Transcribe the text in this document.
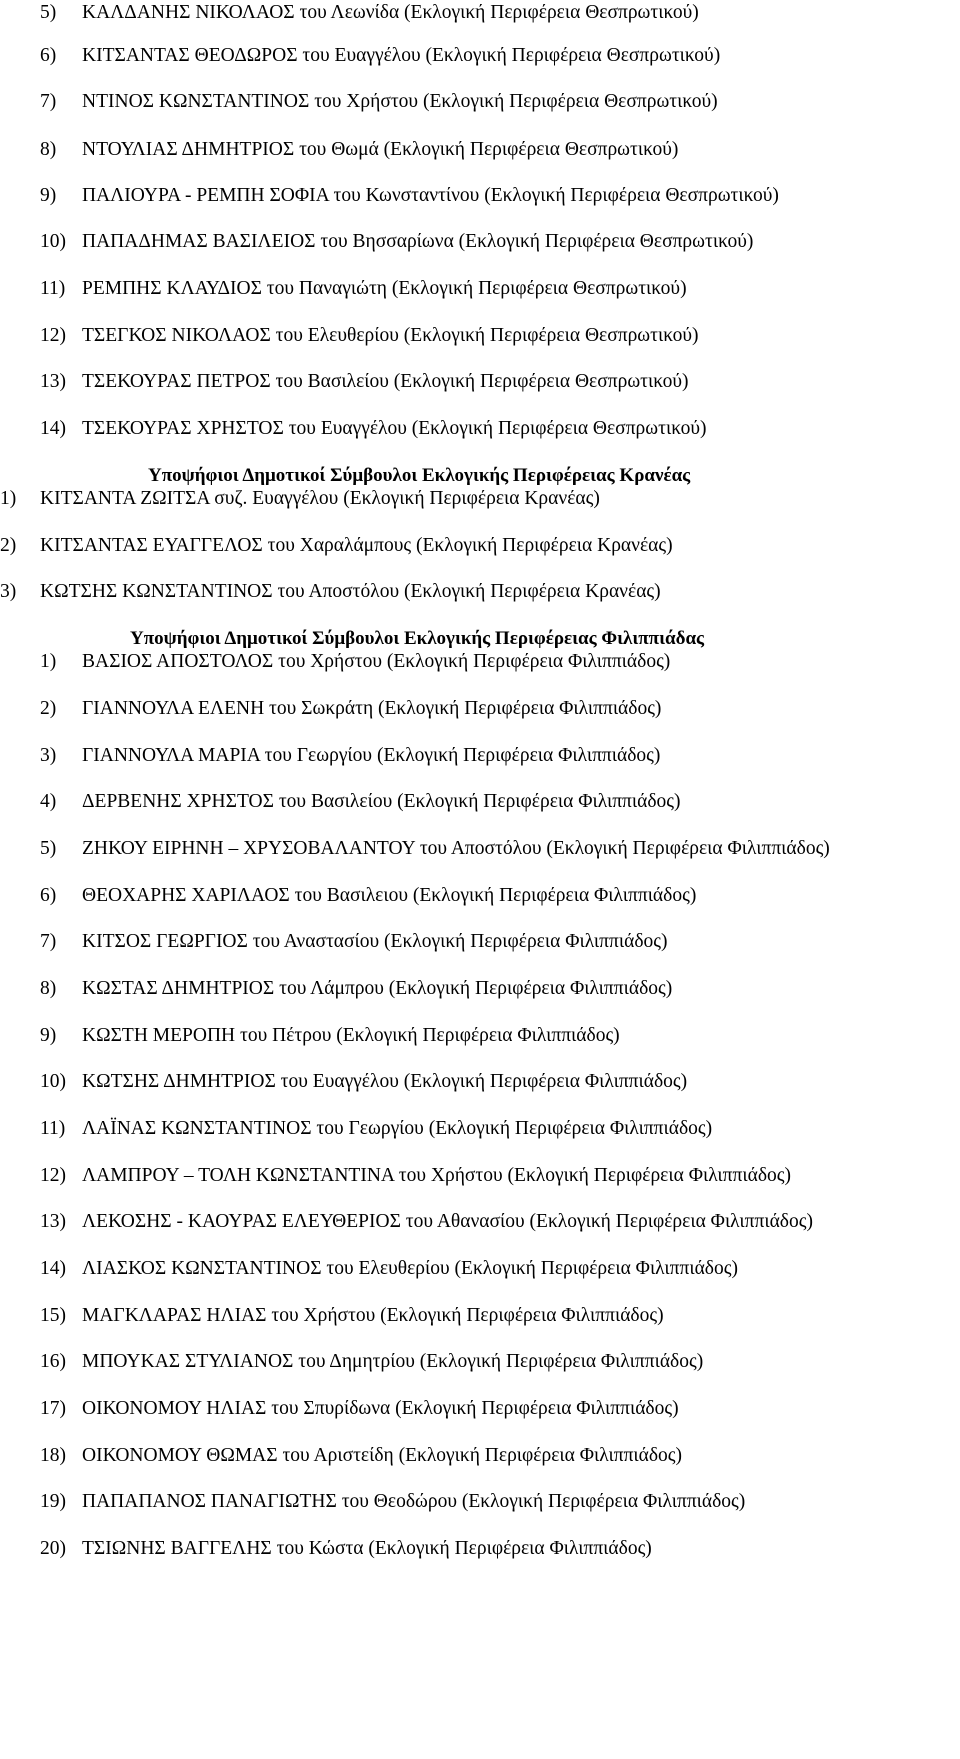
5) ΚΑΛΔΑΝΗΣ ΝΙΚΟΛΑΟΣ του Λεωνίδα (Εκλογική Περιφέρεια Θεσπρωτικού)
6) ΚΙΤΣΑΝΤΑΣ ΘΕΟΔΩΡΟΣ του Ευαγγέλου (Εκλογική Περιφέρεια Θεσπρωτικού)
7) ΝΤΙΝΟΣ ΚΩΝΣΤΑΝΤΙΝΟΣ του Χρήστου (Εκλογική Περιφέρεια Θεσπρωτικού)
8) ΝΤΟΥΛΙΑΣ ΔΗΜΗΤΡΙΟΣ του Θωμά (Εκλογική Περιφέρεια Θεσπρωτικού)
9) ΠΑΛΙΟΥΡΑ - ΡΕΜΠΗ ΣΟΦΙΑ του Κωνσταντίνου (Εκλογική Περιφέρεια Θεσπρωτικού)
10) ΠΑΠΑΔΗΜΑΣ ΒΑΣΙΛΕΙΟΣ του Βησσαρίωνα (Εκλογική Περιφέρεια Θεσπρωτικού)
11) ΡΕΜΠΗΣ ΚΛΑΥΔΙΟΣ του Παναγιώτη (Εκλογική Περιφέρεια Θεσπρωτικού)
12) ΤΣΕΓΚΟΣ ΝΙΚΟΛΑΟΣ του Ελευθερίου (Εκλογική Περιφέρεια Θεσπρωτικού)
13) ΤΣΕΚΟΥΡΑΣ ΠΕΤΡΟΣ του Βασιλείου (Εκλογική Περιφέρεια Θεσπρωτικού)
14) ΤΣΕΚΟΥΡΑΣ ΧΡΗΣΤΟΣ του Ευαγγέλου (Εκλογική Περιφέρεια Θεσπρωτικού)
Υποψήφιοι Δημοτικοί Σύμβουλοι Εκλογικής Περιφέρειας Κρανέας
1) ΚΙΤΣΑΝΤΑ ΖΩΙΤΣΑ συζ. Ευαγγέλου (Εκλογική Περιφέρεια Κρανέας)
2) ΚΙΤΣΑΝΤΑΣ ΕΥΑΓΓΕΛΟΣ του Χαραλάμπους (Εκλογική Περιφέρεια Κρανέας)
3) ΚΩΤΣΗΣ ΚΩΝΣΤΑΝΤΙΝΟΣ του Αποστόλου (Εκλογική Περιφέρεια Κρανέας)
Υποψήφιοι Δημοτικοί Σύμβουλοι Εκλογικής Περιφέρειας Φιλιππιάδας
1) ΒΑΣΙΟΣ ΑΠΟΣΤΟΛΟΣ του Χρήστου (Εκλογική Περιφέρεια Φιλιππιάδος)
2) ΓΙΑΝΝΟΥΛΑ ΕΛΕΝΗ του Σωκράτη (Εκλογική Περιφέρεια Φιλιππιάδος)
3) ΓΙΑΝΝΟΥΛΑ ΜΑΡΙΑ του Γεωργίου (Εκλογική Περιφέρεια Φιλιππιάδος)
4) ΔΕΡΒΕΝΗΣ ΧΡΗΣΤΟΣ του Βασιλείου (Εκλογική Περιφέρεια Φιλιππιάδος)
5) ΖΗΚΟΥ ΕΙΡΗΝΗ – ΧΡΥΣΟΒΑΛΑΝΤΟΥ του Αποστόλου (Εκλογική Περιφέρεια Φιλιππιάδος)
6) ΘΕΟΧΑΡΗΣ ΧΑΡΙΛΑΟΣ του Βασιλειου (Εκλογική Περιφέρεια Φιλιππιάδος)
7) ΚΙΤΣΟΣ ΓΕΩΡΓΙΟΣ του Αναστασίου (Εκλογική Περιφέρεια Φιλιππιάδος)
8) ΚΩΣΤΑΣ ΔΗΜΗΤΡΙΟΣ του Λάμπρου (Εκλογική Περιφέρεια Φιλιππιάδος)
9) ΚΩΣΤΗ ΜΕΡΟΠΗ του Πέτρου (Εκλογική Περιφέρεια Φιλιππιάδος)
10) ΚΩΤΣΗΣ ΔΗΜΗΤΡΙΟΣ του Ευαγγέλου (Εκλογική Περιφέρεια Φιλιππιάδος)
11) ΛΑΪΝΑΣ ΚΩΝΣΤΑΝΤΙΝΟΣ του Γεωργίου (Εκλογική Περιφέρεια Φιλιππιάδος)
12) ΛΑΜΠΡΟΥ – ΤΟΛΗ ΚΩΝΣΤΑΝΤΙΝΑ του Χρήστου (Εκλογική Περιφέρεια Φιλιππιάδος)
13) ΛΕΚΟΣΗΣ - ΚΑΟΥΡΑΣ ΕΛΕΥΘΕΡΙΟΣ του Αθανασίου (Εκλογική Περιφέρεια Φιλιππιάδος)
14) ΛΙΑΣΚΟΣ ΚΩΝΣΤΑΝΤΙΝΟΣ του Ελευθερίου (Εκλογική Περιφέρεια Φιλιππιάδος)
15) ΜΑΓΚΛΑΡΑΣ ΗΛΙΑΣ του Χρήστου (Εκλογική Περιφέρεια Φιλιππιάδος)
16) ΜΠΟΥΚΑΣ ΣΤΥΛΙΑΝΟΣ του Δημητρίου (Εκλογική Περιφέρεια Φιλιππιάδος)
17) ΟΙΚΟΝΟΜΟΥ ΗΛΙΑΣ του Σπυρίδωνα (Εκλογική Περιφέρεια Φιλιππιάδος)
18) ΟΙΚΟΝΟΜΟΥ ΘΩΜΑΣ του Αριστείδη (Εκλογική Περιφέρεια Φιλιππιάδος)
19) ΠΑΠΑΠΑΝΟΣ ΠΑΝΑΓΙΩΤΗΣ του Θεοδώρου (Εκλογική Περιφέρεια Φιλιππιάδος)
20) ΤΣΙΩΝΗΣ ΒΑΓΓΕΛΗΣ του Κώστα (Εκλογική Περιφέρεια Φιλιππιάδος)
